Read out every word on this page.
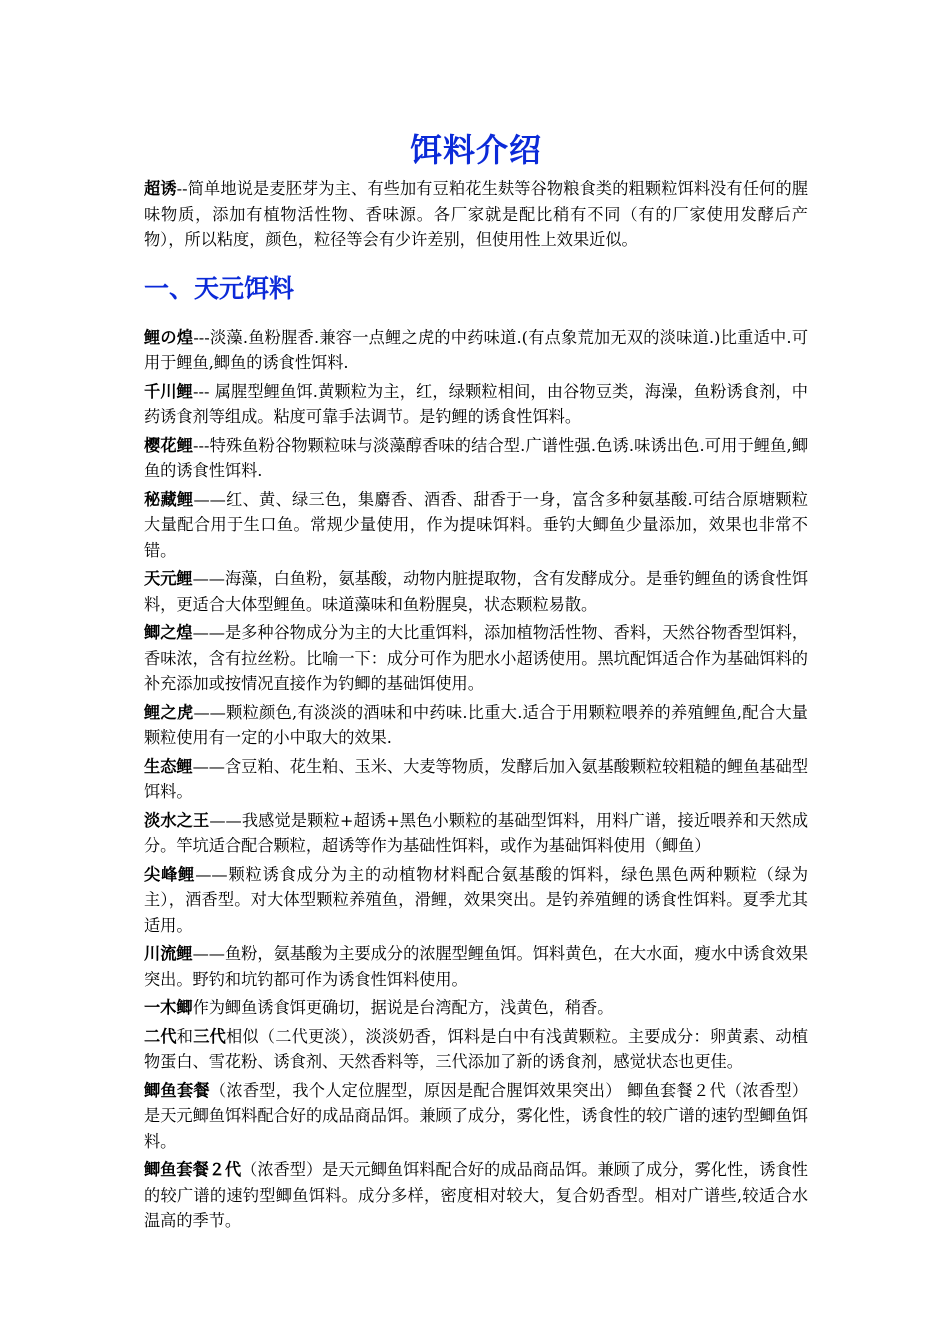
饵料介绍

超诱--简单地说是麦胚芽为主、有些加有豆粕花生麸等谷物粮食类的粗颗粒饵料没有任何的腥味物质，添加有植物活性物、香味源。各厂家就是配比稍有不同（有的厂家使用发酵后产物），所以粘度，颜色，粒径等会有少许差别，但使用性上效果近似。

一、天元饵料

鲤の煌---淡藻.鱼粉腥香.兼容一点鲤之虎的中药味道.(有点象荒加无双的淡味道.)比重适中.可用于鲤鱼,鲫鱼的诱食性饵料.

千川鲤--- 属腥型鲤鱼饵.黄颗粒为主，红，绿颗粒相间，由谷物豆类，海澡，鱼粉诱食剂，中药诱食剂等组成。粘度可靠手法调节。是钓鲤的诱食性饵料。

樱花鲤---特殊鱼粉谷物颗粒味与淡藻醇香味的结合型.广谱性强.色诱.味诱出色.可用于鲤鱼,鲫鱼的诱食性饵料.

秘藏鲤——红、黄、绿三色，集麝香、酒香、甜香于一身，富含多种氨基酸.可结合原塘颗粒大量配合用于生口鱼。常规少量使用，作为提味饵料。垂钓大鲫鱼少量添加，效果也非常不错。

天元鲤——海藻，白鱼粉，氨基酸，动物内脏提取物，含有发酵成分。是垂钓鲤鱼的诱食性饵料，更适合大体型鲤鱼。味道藻味和鱼粉腥臭，状态颗粒易散。

鲫之煌——是多种谷物成分为主的大比重饵料，添加植物活性物、香料，天然谷物香型饵料，香味浓，含有拉丝粉。比喻一下：成分可作为肥水小超诱使用。黑坑配饵适合作为基础饵料的补充添加或按情况直接作为钓鲫的基础饵使用。

鲤之虎——颗粒颜色,有淡淡的酒味和中药味.比重大.适合于用颗粒喂养的养殖鲤鱼,配合大量颗粒使用有一定的小中取大的效果.

生态鲤——含豆粕、花生粕、玉米、大麦等物质，发酵后加入氨基酸颗粒较粗糙的鲤鱼基础型饵料。

淡水之王——我感觉是颗粒+超诱+黑色小颗粒的基础型饵料，用料广谱，接近喂养和天然成分。竿坑适合配合颗粒，超诱等作为基础性饵料，或作为基础饵料使用（鲫鱼）

尖峰鲤——颗粒诱食成分为主的动植物材料配合氨基酸的饵料，绿色黑色两种颗粒（绿为主），酒香型。对大体型颗粒养殖鱼，滑鲤，效果突出。是钓养殖鲤的诱食性饵料。夏季尤其适用。

川流鲤——鱼粉，氨基酸为主要成分的浓腥型鲤鱼饵。饵料黄色，在大水面，瘦水中诱食效果突出。野钓和坑钓都可作为诱食性饵料使用。

一木鲫作为鲫鱼诱食饵更确切，据说是台湾配方，浅黄色，稍香。

二代和三代相似（二代更淡），淡淡奶香，饵料是白中有浅黄颗粒。主要成分：卵黄素、动植物蛋白、雪花粉、诱食剂、天然香料等，三代添加了新的诱食剂，感觉状态也更佳。

鲫鱼套餐（浓香型，我个人定位腥型，原因是配合腥饵效果突出） 鲫鱼套餐２代（浓香型）是天元鲫鱼饵料配合好的成品商品饵。兼顾了成分，雾化性，诱食性的较广谱的速钓型鲫鱼饵料。

鲫鱼套餐２代（浓香型）是天元鲫鱼饵料配合好的成品商品饵。兼顾了成分，雾化性，诱食性的较广谱的速钓型鲫鱼饵料。成分多样，密度相对较大，复合奶香型。相对广谱些,较适合水温高的季节。
